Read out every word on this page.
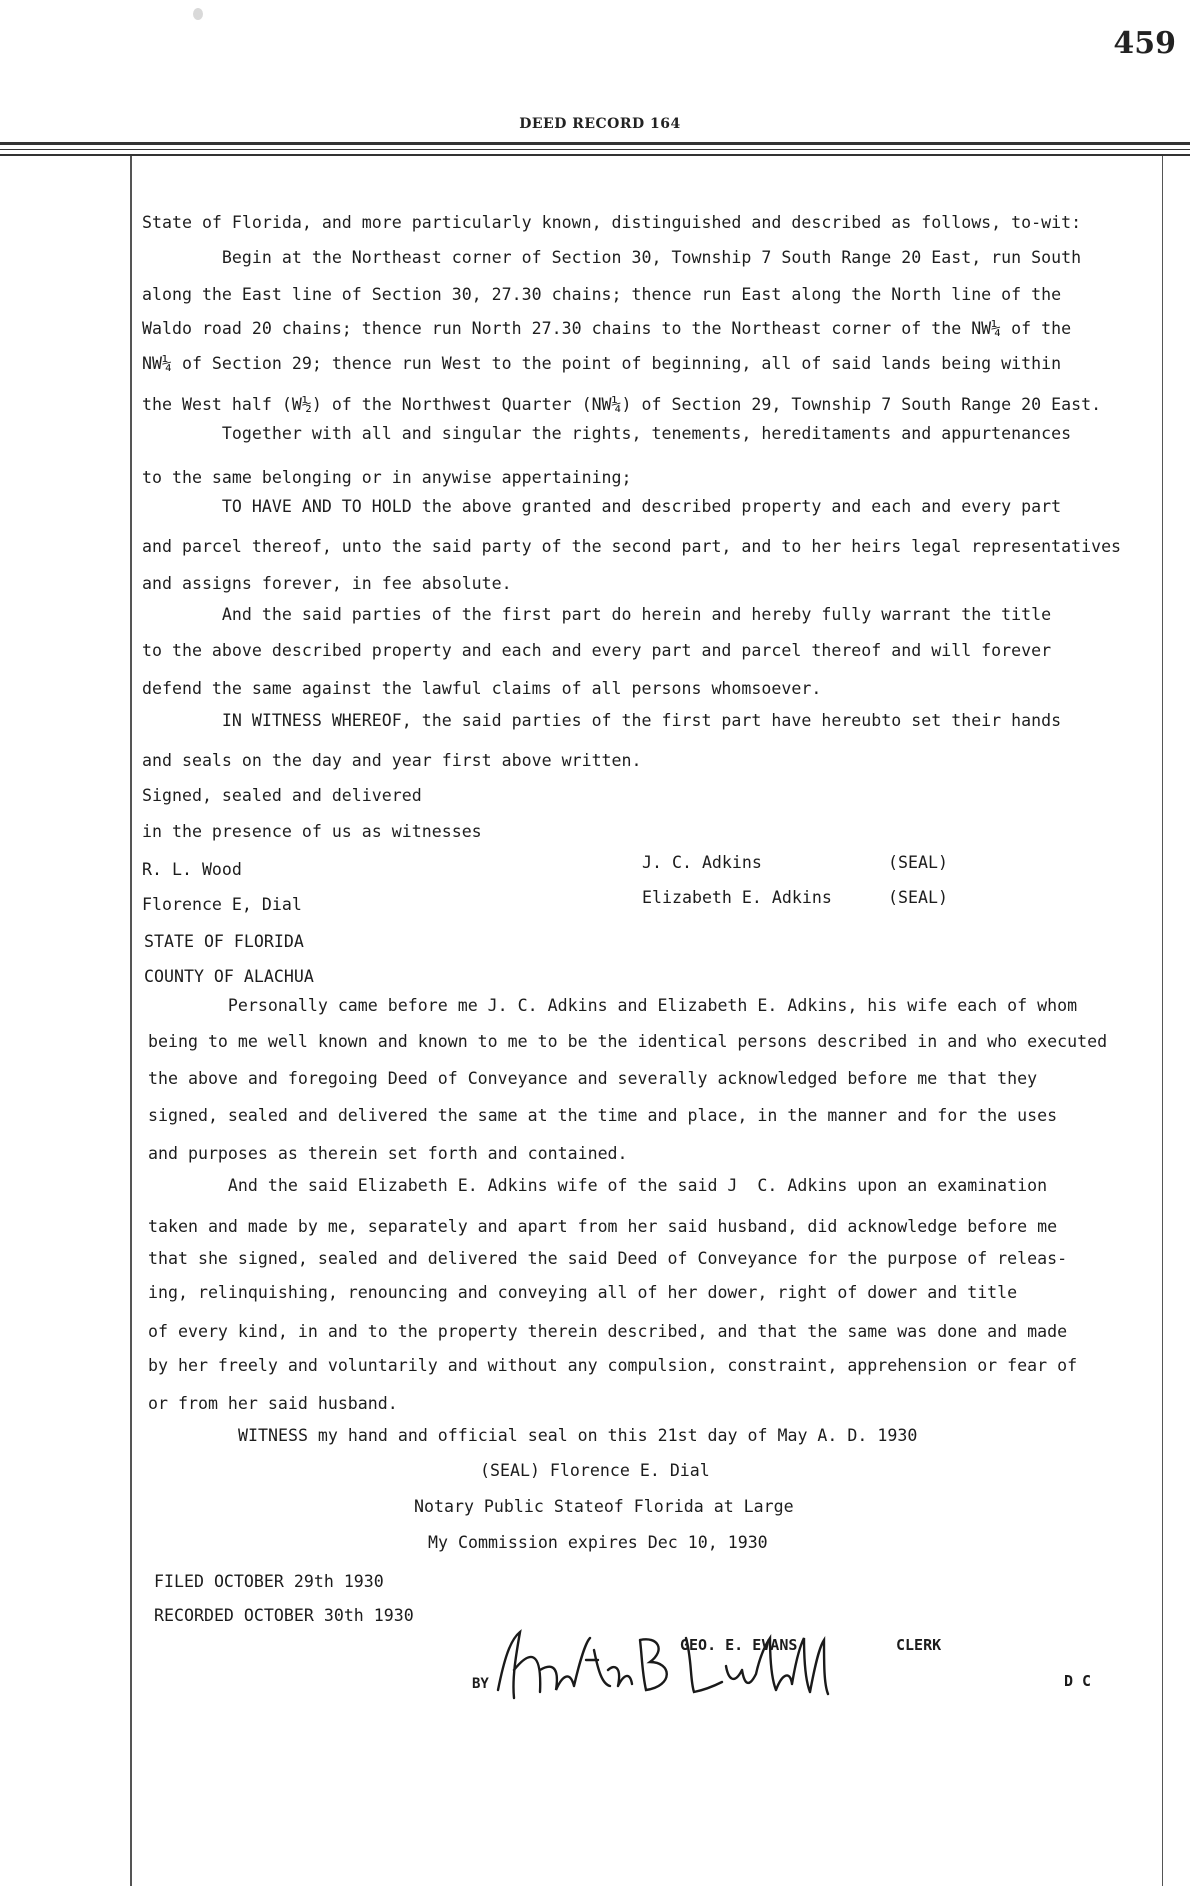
459
DEED RECORD 164
State of Florida, and more particularly known, distinguished and described as follows, to-wit:
Begin at the Northeast corner of Section 30, Township 7 South Range 20 East, run South
along the East line of Section 30, 27.30 chains; thence run East along the North line of the
Waldo road 20 chains; thence run North 27.30 chains to the Northeast corner of the NW¼ of the
NW¼ of Section 29; thence run West to the point of beginning, all of said lands being within
the West half (W½) of the Northwest Quarter (NW¼) of Section 29, Township 7 South Range 20 East.
Together with all and singular the rights, tenements, hereditaments and appurtenances
to the same belonging or in anywise appertaining;
TO HAVE AND TO HOLD the above granted and described property and each and every part
and parcel thereof, unto the said party of the second part, and to her heirs legal representatives
and assigns forever, in fee absolute.
And the said parties of the first part do herein and hereby fully warrant the title
to the above described property and each and every part and parcel thereof and will forever
defend the same against the lawful claims of all persons whomsoever.
IN WITNESS WHEREOF, the said parties of the first part have hereubto set their hands
and seals on the day and year first above written.
Signed, sealed and delivered
in the presence of us as witnesses
R. L. Wood
Florence E, Dial
J. C. Adkins	(SEAL)
Elizabeth E. Adkins	(SEAL)
STATE OF FLORIDA
COUNTY OF ALACHUA
Personally came before me J. C. Adkins and Elizabeth E. Adkins, his wife each of whom
being to me well known and known to me to be the identical persons described in and who executed
the above and foregoing Deed of Conveyance and severally acknowledged before me that they
signed, sealed and delivered the same at the time and place, in the manner and for the uses
and purposes as therein set forth and contained.
And the said Elizabeth E. Adkins wife of the said J  C. Adkins upon an examination
taken and made by me, separately and apart from her said husband, did acknowledge before me
that she signed, sealed and delivered the said Deed of Conveyance for the purpose of releas-
ing, relinquishing, renouncing and conveying all of her dower, right of dower and title
of every kind, in and to the property therein described, and that the same was done and made
by her freely and voluntarily and without any compulsion, constraint, apprehension or fear of
or from her said husband.
WITNESS my hand and official seal on this 21st day of May A. D. 1930
(SEAL) Florence E. Dial
Notary Public Stateof Florida at Large
My Commission expires Dec 10, 1930
FILED OCTOBER 29th 1930
RECORDED OCTOBER 30th 1930
BY
GEO. E. EVANS	CLERK
D C
